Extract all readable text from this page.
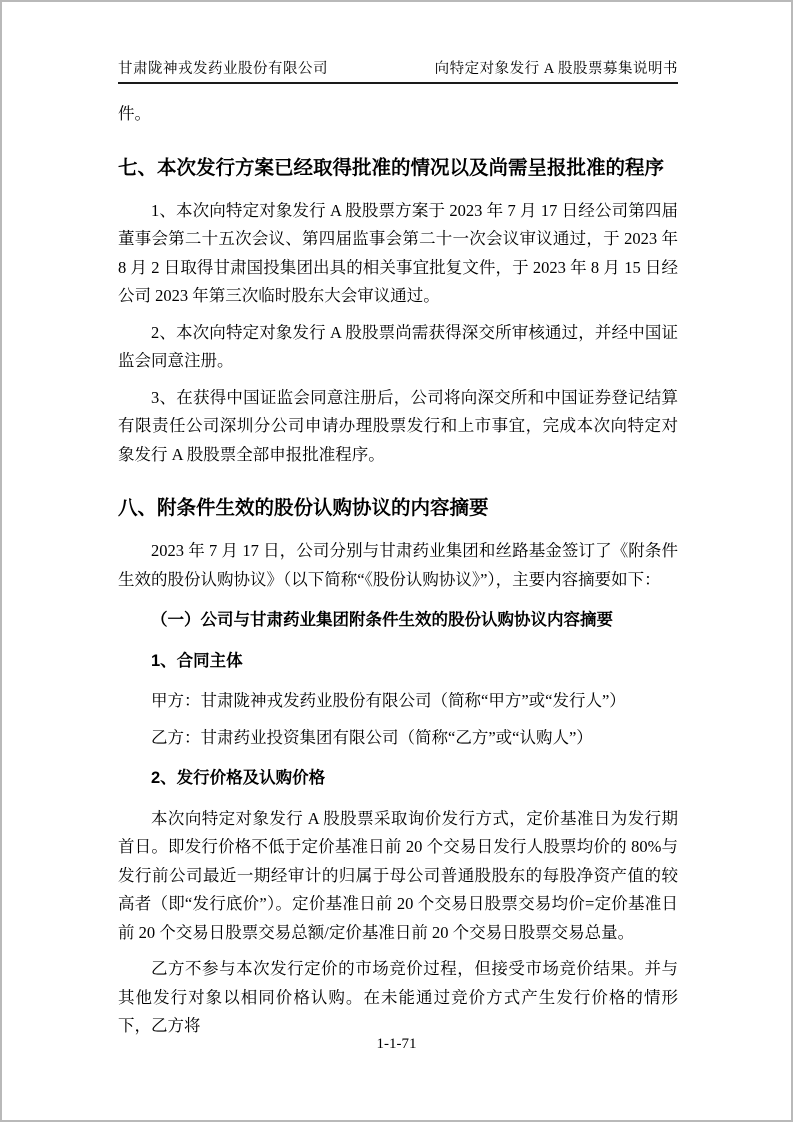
甘肃陇神戎发药业股份有限公司	向特定对象发行 A 股股票募集说明书

件。

七、本次发行方案已经取得批准的情况以及尚需呈报批准的程序

1、本次向特定对象发行 A 股股票方案于 2023 年 7 月 17 日经公司第四届董事会第二十五次会议、第四届监事会第二十一次会议审议通过，于 2023 年 8 月 2 日取得甘肃国投集团出具的相关事宜批复文件，于 2023 年 8 月 15 日经公司 2023 年第三次临时股东大会审议通过。

2、本次向特定对象发行 A 股股票尚需获得深交所审核通过，并经中国证监会同意注册。

3、在获得中国证监会同意注册后，公司将向深交所和中国证券登记结算有限责任公司深圳分公司申请办理股票发行和上市事宜，完成本次向特定对象发行 A 股股票全部申报批准程序。

八、附条件生效的股份认购协议的内容摘要

2023 年 7 月 17 日，公司分别与甘肃药业集团和丝路基金签订了《附条件生效的股份认购协议》（以下简称“《股份认购协议》”），主要内容摘要如下：

（一）公司与甘肃药业集团附条件生效的股份认购协议内容摘要
1、合同主体

甲方：甘肃陇神戎发药业股份有限公司（简称“甲方”或“发行人”）

乙方：甘肃药业投资集团有限公司（简称“乙方”或“认购人”）

2、发行价格及认购价格

本次向特定对象发行 A 股股票采取询价发行方式，定价基准日为发行期首日。即发行价格不低于定价基准日前 20 个交易日发行人股票均价的 80%与发行前公司最近一期经审计的归属于母公司普通股股东的每股净资产值的较高者（即“发行底价”）。定价基准日前 20 个交易日股票交易均价=定价基准日前 20 个交易日股票交易总额/定价基准日前 20 个交易日股票交易总量。

乙方不参与本次发行定价的市场竞价过程，但接受市场竞价结果。并与其他发行对象以相同价格认购。在未能通过竞价方式产生发行价格的情形下，乙方将

1-1-71
